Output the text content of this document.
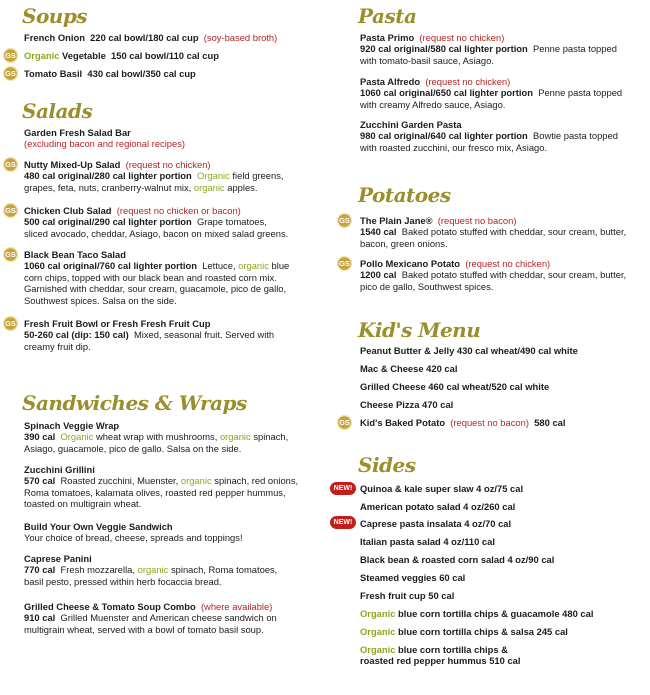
Soups
French Onion 220 cal bowl/180 cal cup (soy-based broth)
GS Organic Vegetable 150 cal bowl/110 cal cup
GS Tomato Basil 430 cal bowl/350 cal cup
Salads
Garden Fresh Salad Bar
(excluding bacon and regional recipes)
GS Nutty Mixed-Up Salad (request no chicken)
480 cal original/280 cal lighter portion Organic field greens,
grapes, feta, nuts, cranberry-walnut mix, organic apples.
GS Chicken Club Salad (request no chicken or bacon)
500 cal original/290 cal lighter portion Grape tomatoes,
sliced avocado, cheddar, Asiago, bacon on mixed salad greens.
GS Black Bean Taco Salad
1060 cal original/760 cal lighter portion Lettuce, organic blue
corn chips, topped with our black bean and roasted corn mix.
Garnished with cheddar, sour cream, guacamole, pico de gallo,
Southwest spices. Salsa on the side.
GS Fresh Fruit Bowl or Fresh Fresh Fruit Cup
50-260 cal (dip: 150 cal) Mixed, seasonal fruit. Served with
creamy fruit dip.
Sandwiches & Wraps
Spinach Veggie Wrap
390 cal Organic wheat wrap with mushrooms, organic spinach,
Asiago, guacamole, pico de gallo. Salsa on the side.
Zucchini Grillini
570 cal Roasted zucchini, Muenster, organic spinach, red onions,
Roma tomatoes, kalamata olives, roasted red pepper hummus,
toasted on multigrain wheat.
Build Your Own Veggie Sandwich
Your choice of bread, cheese, spreads and toppings!
Caprese Panini
770 cal Fresh mozzarella, organic spinach, Roma tomatoes,
basil pesto, pressed within herb focaccia bread.
Grilled Cheese & Tomato Soup Combo (where available)
910 cal Grilled Muenster and American cheese sandwich on
multigrain wheat, served with a bowl of tomato basil soup.
Pasta
Pasta Primo (request no chicken)
920 cal original/580 cal lighter portion Penne pasta topped
with tomato-basil sauce, Asiago.
Pasta Alfredo (request no chicken)
1060 cal original/650 cal lighter portion Penne pasta topped
with creamy Alfredo sauce, Asiago.
Zucchini Garden Pasta
980 cal original/640 cal lighter portion Bowtie pasta topped
with roasted zucchini, our fresco mix, Asiago.
Potatoes
GS The Plain Jane® (request no bacon)
1540 cal Baked potato stuffed with cheddar, sour cream, butter,
bacon, green onions.
GS Pollo Mexicano Potato (request no chicken)
1200 cal Baked potato stuffed with cheddar, sour cream, butter,
pico de gallo, Southwest spices.
Kid's Menu
Peanut Butter & Jelly 430 cal wheat/490 cal white
Mac & Cheese 420 cal
Grilled Cheese 460 cal wheat/520 cal white
Cheese Pizza 470 cal
GS Kid's Baked Potato (request no bacon) 580 cal
Sides
NEW! Quinoa & kale super slaw 4 oz/75 cal
American potato salad 4 oz/260 cal
NEW! Caprese pasta insalata 4 oz/70 cal
Italian pasta salad 4 oz/110 cal
Black bean & roasted corn salad 4 oz/90 cal
Steamed veggies 60 cal
Fresh fruit cup 50 cal
Organic blue corn tortilla chips & guacamole 480 cal
Organic blue corn tortilla chips & salsa 245 cal
Organic blue corn tortilla chips &
roasted red pepper hummus 510 cal
